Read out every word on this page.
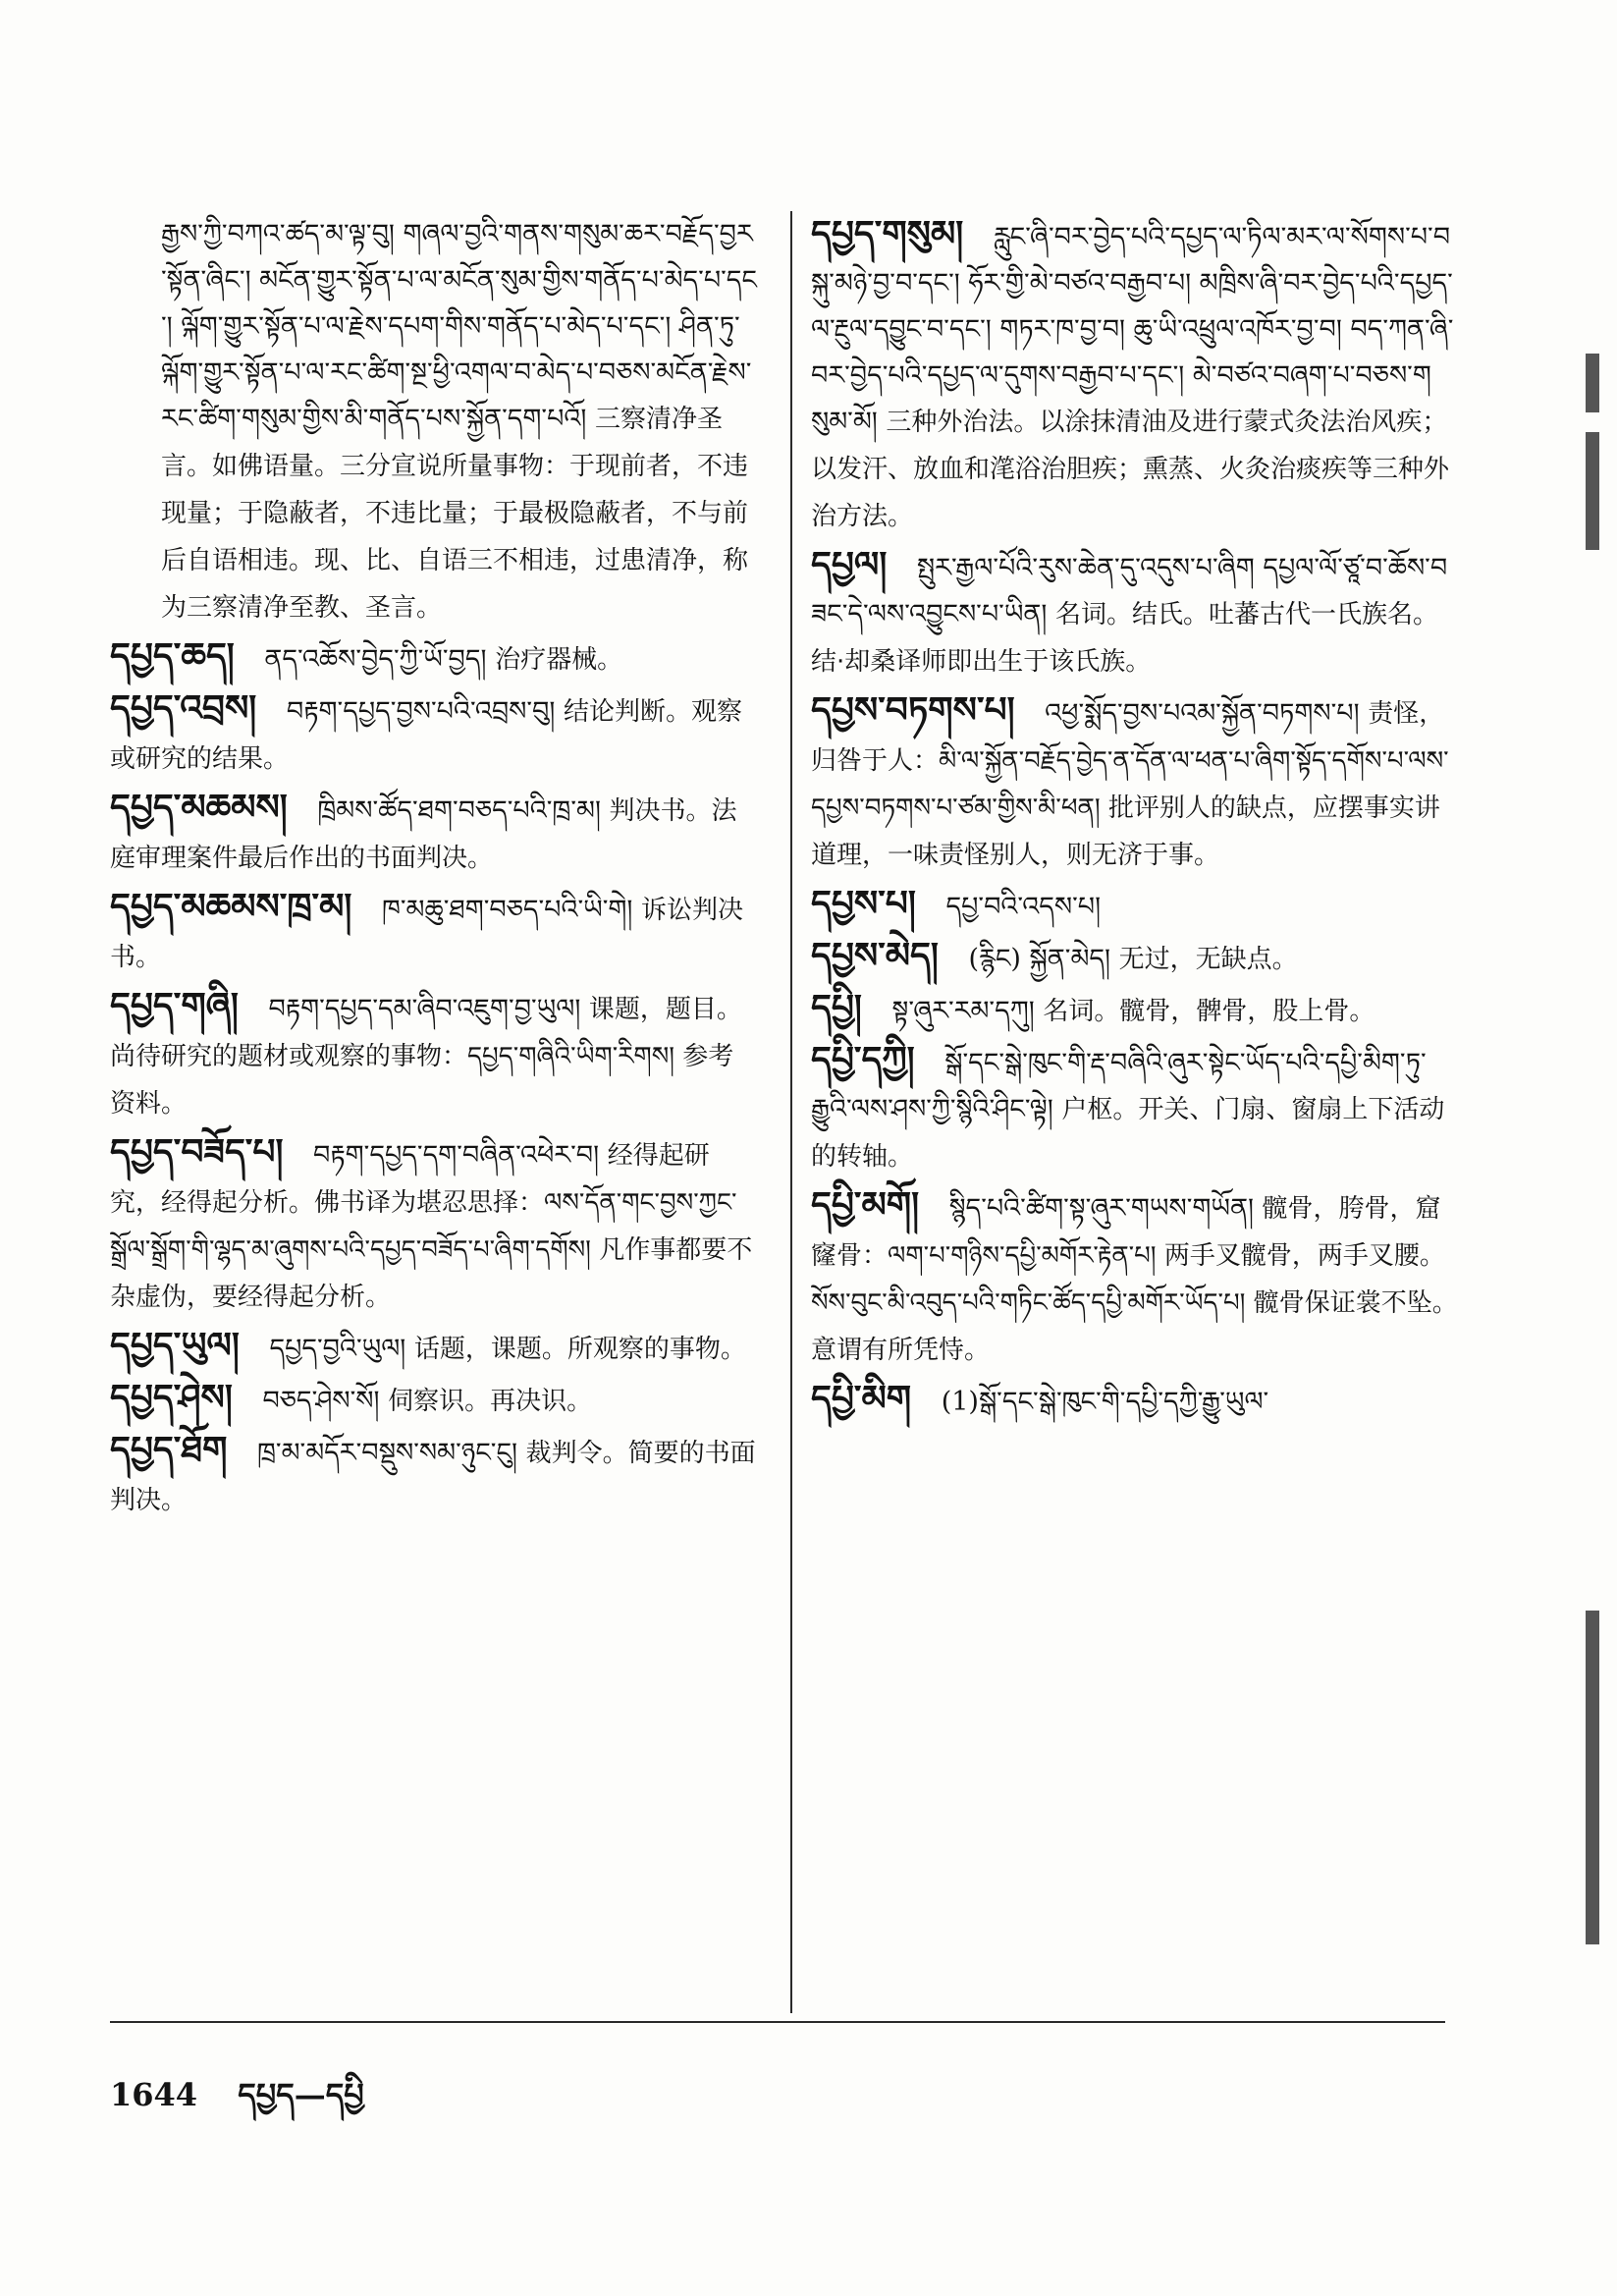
རྒྱས་ཀྱི་བཀའ་ཚད་མ་ལྟ་བུ། གཞལ་བྱའི་གནས་གསུམ་ཆར་བརྗོད་བྱར་སྟོན་ཞིང་། མངོན་གྱུར་སྟོན་པ་ལ་མངོན་སུམ་གྱིས་གནོད་པ་མེད་པ་དང་། ལྐོག་གྱུར་སྟོན་པ་ལ་རྗེས་དཔག་གིས་གནོད་པ་མེད་པ་དང་། ཤིན་ཏུ་ལྐོག་གྱུར་སྟོན་པ་ལ་རང་ཚིག་སྔ་ཕྱི་འགལ་བ་མེད་པ་བཅས་མངོན་རྗེས་རང་ཚིག་གསུམ་གྱིས་མི་གནོད་པས་སྐྱོན་དག་པའོ། 三察清净圣言。如佛语量。三分宣说所量事物：于现前者，不违现量；于隐蔽者，不违比量；于最极隐蔽者，不与前后自语相违。现、比、自语三不相违，过患清净，称为三察清净至教、圣言。
དཔྱད་ཆད། ནད་འཆོས་བྱེད་ཀྱི་ཡོ་བྱད། 治疗器械。
དཔྱད་འབྲས། བརྟག་དཔྱད་བྱས་པའི་འབྲས་བུ། 结论判断。观察或研究的结果。
དཔྱད་མཆམས། ཁྲིམས་ཚོད་ཐག་བཅད་པའི་ཁྲ་མ། 判决书。法庭审理案件最后作出的书面判决。
དཔྱད་མཆམས་ཁྲ་མ། ཁ་མཆུ་ཐག་བཅད་པའི་ཡི་གེ། 诉讼判决书。
དཔྱད་གཞི། བརྟག་དཔྱད་དམ་ཞིབ་འཇུག་བྱ་ཡུལ། 课题，题目。尚待研究的题材或观察的事物：དཔྱད་གཞིའི་ཡིག་རིགས། 参考资料。
དཔྱད་བཟོད་པ། བརྟག་དཔྱད་དག་བཞིན་འཕེར་བ། 经得起研究，经得起分析。佛书译为堪忍思择：ལས་དོན་གང་བྱས་ཀྱང་སྒྲོལ་སྒྲོག་གི་ལྷད་མ་ཞུགས་པའི་དཔྱད་བཟོད་པ་ཞིག་དགོས། 凡作事都要不杂虚伪，要经得起分析。
དཔྱད་ཡུལ། དཔྱད་བྱའི་ཡུལ། 话题，课题。所观察的事物。
དཔྱད་ཤེས། བཅད་ཤེས་སོ། 伺察识。再决识。
དཔྱད་ཐོག ཁྲ་མ་མདོར་བསྡུས་སམ་ཉུང་ངུ། 裁判令。简要的书面判决。
དཔྱད་གསུམ། རླུང་ཞི་བར་བྱེད་པའི་དཔྱད་ལ་ཏིལ་མར་ལ་སོགས་པ་བསྐུ་མཉེ་བྱ་བ་དང་། ཧོར་གྱི་མེ་བཙའ་བརྒྱབ་པ། མཁྲིས་ཞི་བར་བྱེད་པའི་དཔྱད་ལ་རྔུལ་དབྱུང་བ་དང་། གཏར་ཁ་བྱ་བ། ཆུ་ཡི་འཕྲུལ་འཁོར་བྱ་བ། བད་ཀན་ཞི་བར་བྱེད་པའི་དཔྱད་ལ་དུགས་བརྒྱབ་པ་དང་། མེ་བཙའ་བཞག་པ་བཅས་གསུམ་མོ། 三种外治法。以涂抹清油及进行蒙式灸法治风疾；以发汗、放血和滗浴治胆疾；熏蒸、火灸治痰疾等三种外治方法。
དཔྱལ། སྤུར་རྒྱལ་པོའི་རུས་ཆེན་དུ་འདུས་པ་ཞིག དཔྱལ་ལོ་ཙཱ་བ་ཆོས་བཟང་དེ་ལས་འབྱུངས་པ་ཡིན། 名词。结氏。吐蕃古代一氏族名。结·却桑译师即出生于该氏族。
དཔྱས་བཏགས་པ། འཕྱ་སྨོད་བྱས་པའམ་སྐྱོན་བཏགས་པ། 责怪，归咎于人：མི་ལ་སྐྱོན་བརྗོད་བྱེད་ན་དོན་ལ་ཕན་པ་ཞིག་སྟོད་དགོས་པ་ལས་དཔྱས་བཏགས་པ་ཙམ་གྱིས་མི་ཕན། 批评别人的缺点，应摆事实讲道理，一味责怪别人，则无济于事。
དཔྱས་པ། དཔྱ་བའི་འདས་པ།
དཔྱས་མེད། (རྙིང) སྐྱོན་མེད། 无过，无缺点。
དཔྱི། སྟ་ཞུར་རམ་དཀུ། 名词。髋骨，髀骨，股上骨。
དཔྱི་དཀྱི། སྒོ་དང་སྒེ་ཁུང་གི་རྡ་བཞིའི་ཞུར་སྟེང་ཡོད་པའི་དཔྱི་མིག་ཏུ་རྒྱུའི་ལས་ཤས་ཀྱི་སྙིའི་ཤིང་ལྟེ། 户枢。开关、门扇、窗扇上下活动的转轴。
དཔྱི་མགོ། སྙིད་པའི་ཚིག་སྟ་ཞུར་གཡས་གཡོན། 髋骨，胯骨，窟窿骨：ལག་པ་གཉིས་དཔྱི་མགོར་རྟེན་པ། 两手叉髋骨，两手叉腰。སོས་བུང་མི་འབུད་པའི་གཏིང་ཚོད་དཔྱི་མགོར་ཡོད་པ། 髋骨保证裳不坠。意谓有所凭恃。
དཔྱི་མིག (1)སྒོ་དང་སྒེ་ཁུང་གི་དཔྱི་དཀྱི་རྒྱུ་ཡུལ་
1644 དཔྱད—དཔྱི
